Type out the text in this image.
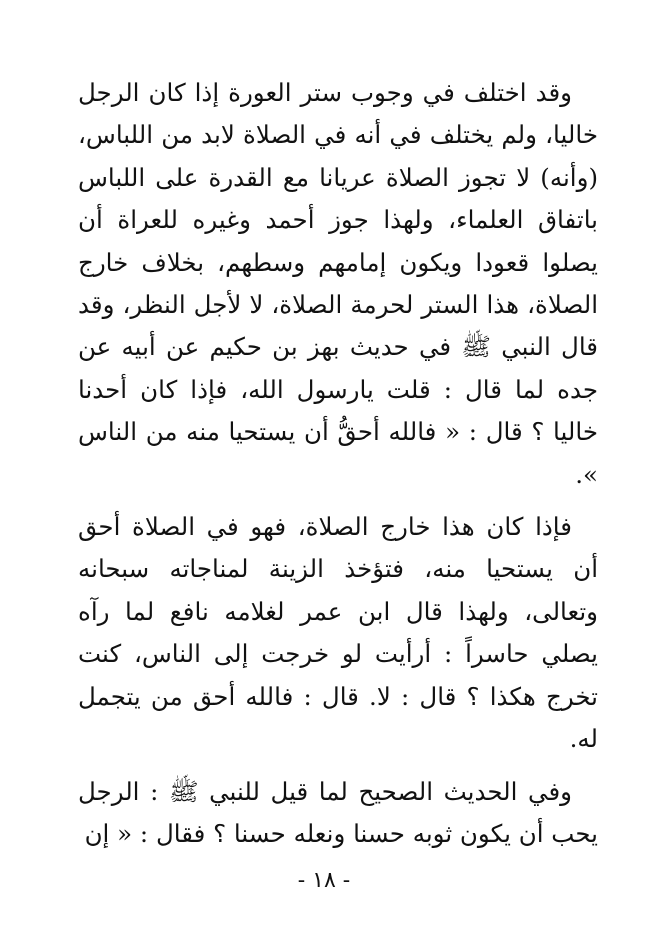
وقد اختلف في وجوب ستر العورة إذا كان الرجل خاليا، ولم يختلف في أنه في الصلاة لابد من اللباس، (وأنه) لا تجوز الصلاة عريانا مع القدرة على اللباس باتفاق العلماء، ولهذا جوز أحمد وغيره للعراة أن يصلوا قعودا ويكون إمامهم وسطهم، بخلاف خارج الصلاة، هذا الستر لحرمة الصلاة، لا لأجل النظر، وقد قال النبي ﷺ في حديث بهز بن حكيم عن أبيه عن جده لما قال : قلت يارسول الله، فإذا كان أحدنا خاليا ؟ قال : « فالله أحقُّ أن يستحيا منه من الناس ».

فإذا كان هذا خارج الصلاة، فهو في الصلاة أحق أن يستحيا منه، فتؤخذ الزينة لمناجاته سبحانه وتعالى، ولهذا قال ابن عمر لغلامه نافع لما رآه يصلي حاسراً : أرأيت لو خرجت إلى الناس، كنت تخرج هكذا ؟ قال : لا. قال : فالله أحق من يتجمل له.

وفي الحديث الصحيح لما قيل للنبي ﷺ : الرجل يحب أن يكون ثوبه حسنا ونعله حسنا ؟ فقال : « إن

- ١٨ -
